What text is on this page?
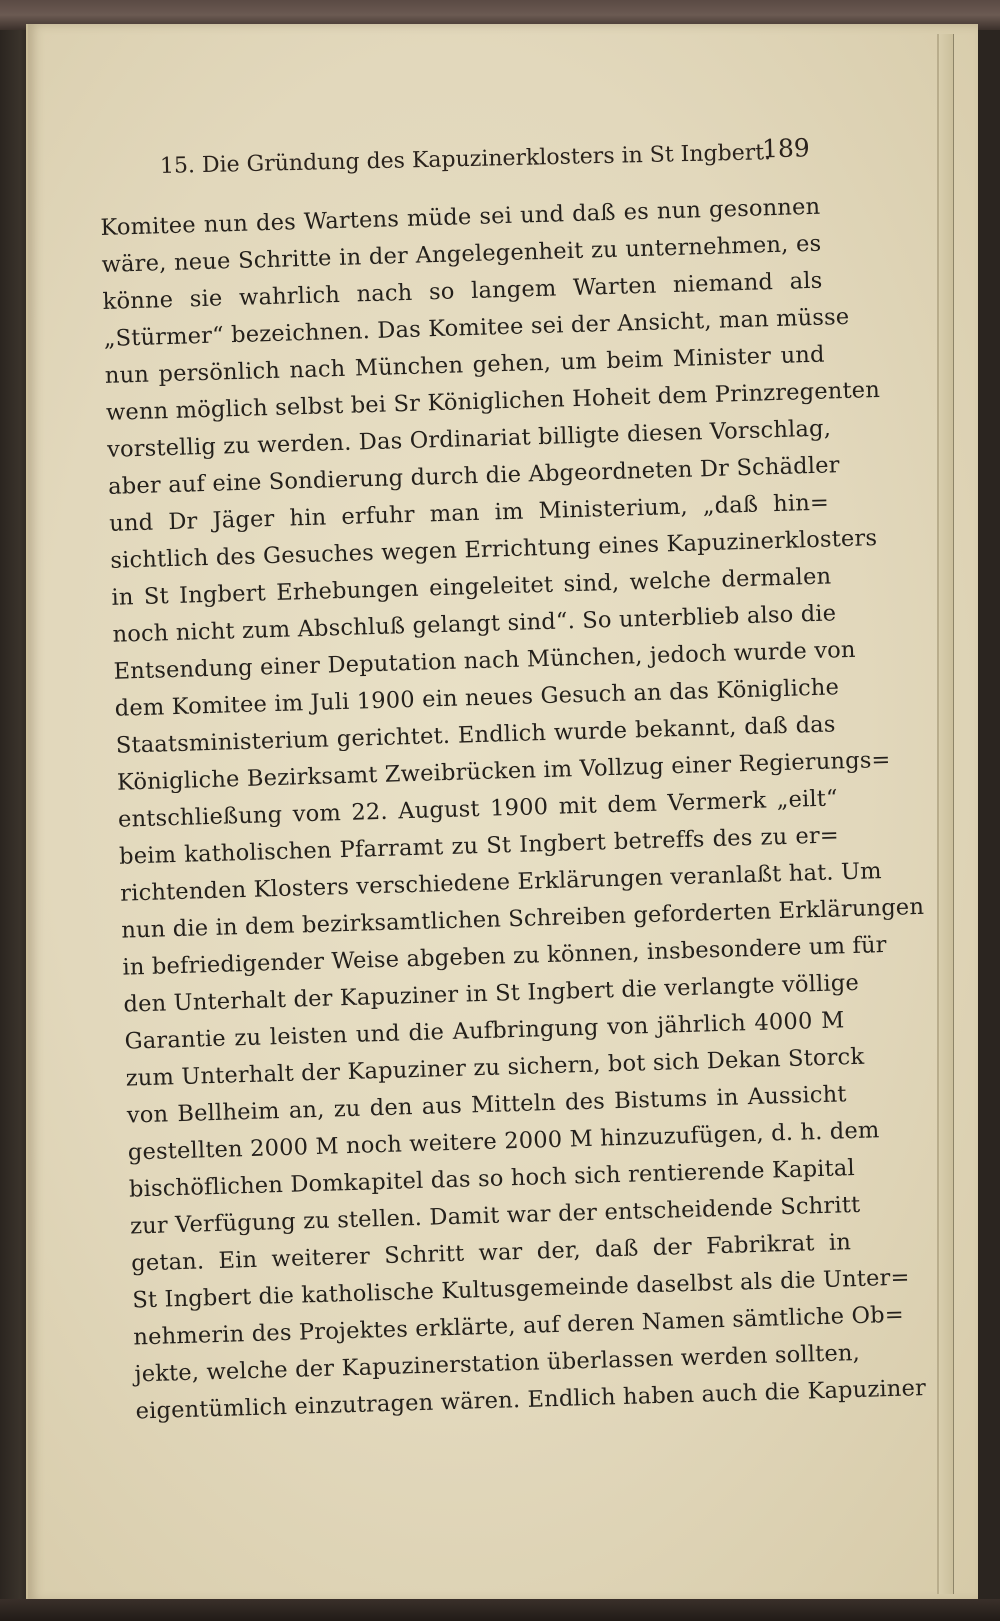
15. Die Gründung des Kapuzinerklosters in St Ingbert.
189
Komitee nun des Wartens müde sei und daß es nun gesonnen
wäre, neue Schritte in der Angelegenheit zu unternehmen, es
könne sie wahrlich nach so langem Warten niemand als
„Stürmer“ bezeichnen. Das Komitee sei der Ansicht, man müsse
nun persönlich nach München gehen, um beim Minister und
wenn möglich selbst bei Sr Königlichen Hoheit dem Prinzregenten
vorstellig zu werden. Das Ordinariat billigte diesen Vorschlag,
aber auf eine Sondierung durch die Abgeordneten Dr Schädler
und Dr Jäger hin erfuhr man im Ministerium, „daß hin=
sichtlich des Gesuches wegen Errichtung eines Kapuzinerklosters
in St Ingbert Erhebungen eingeleitet sind, welche dermalen
noch nicht zum Abschluß gelangt sind“. So unterblieb also die
Entsendung einer Deputation nach München, jedoch wurde von
dem Komitee im Juli 1900 ein neues Gesuch an das Königliche
Staatsministerium gerichtet. Endlich wurde bekannt, daß das
Königliche Bezirksamt Zweibrücken im Vollzug einer Regierungs=
entschließung vom 22. August 1900 mit dem Vermerk „eilt“
beim katholischen Pfarramt zu St Ingbert betreffs des zu er=
richtenden Klosters verschiedene Erklärungen veranlaßt hat. Um
nun die in dem bezirksamtlichen Schreiben geforderten Erklärungen
in befriedigender Weise abgeben zu können, insbesondere um für
den Unterhalt der Kapuziner in St Ingbert die verlangte völlige
Garantie zu leisten und die Aufbringung von jährlich 4000 M
zum Unterhalt der Kapuziner zu sichern, bot sich Dekan Storck
von Bellheim an, zu den aus Mitteln des Bistums in Aussicht
gestellten 2000 M noch weitere 2000 M hinzuzufügen, d. h. dem
bischöflichen Domkapitel das so hoch sich rentierende Kapital
zur Verfügung zu stellen. Damit war der entscheidende Schritt
getan. Ein weiterer Schritt war der, daß der Fabrikrat in
St Ingbert die katholische Kultusgemeinde daselbst als die Unter=
nehmerin des Projektes erklärte, auf deren Namen sämtliche Ob=
jekte, welche der Kapuzinerstation überlassen werden sollten,
eigentümlich einzutragen wären. Endlich haben auch die Kapuziner
